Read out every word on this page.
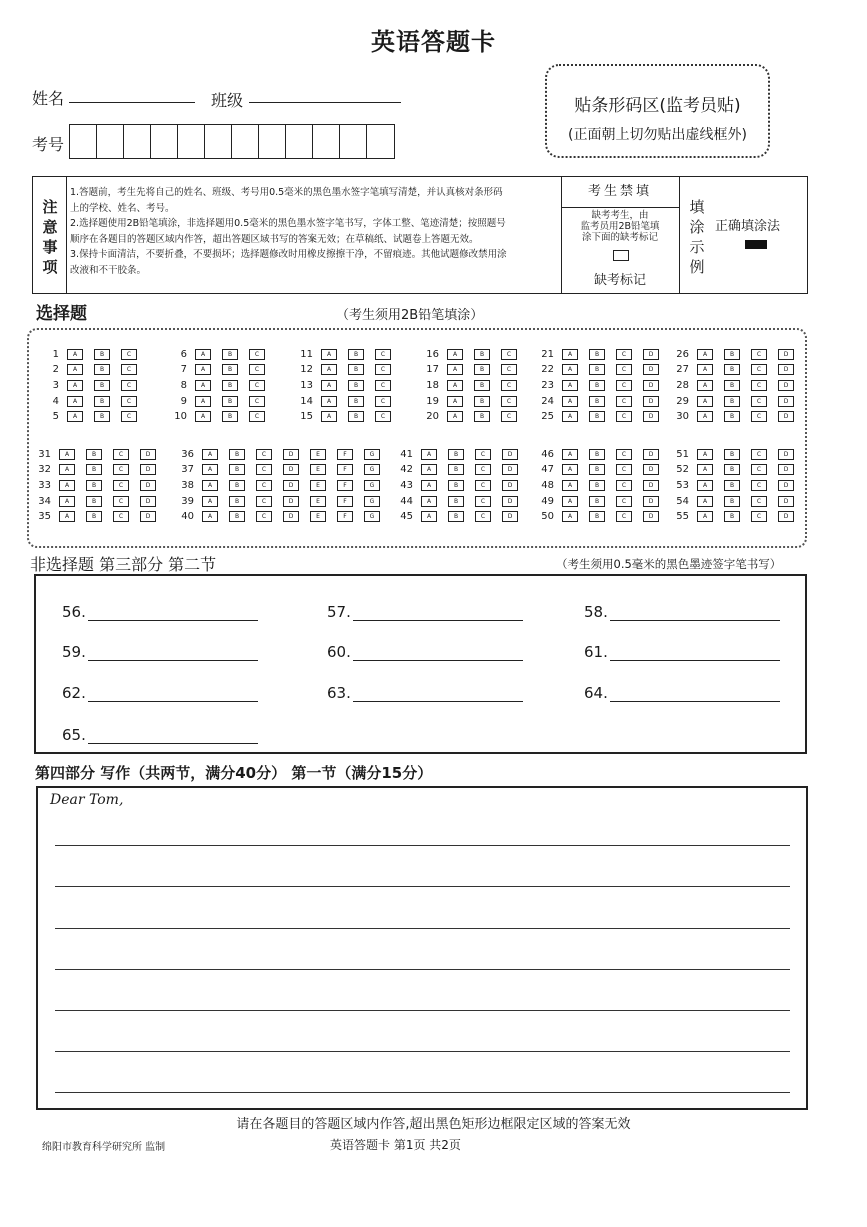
英语答题卡
姓名	班级
考号
贴条形码区(监考员贴)
(正面朝上切勿贴出虚线框外)
注意事项
1.答题前，考生先将自己的姓名、班级、考号用0.5毫米的黑色墨水签字笔填写清楚，并认真核对条形码
上的学校、姓名、考号。
2.选择题使用2B铅笔填涂，非选择题用0.5毫米的黑色墨水签字笔书写，字体工整、笔迹清楚；按照题号
顺序在各题目的答题区域内作答，超出答题区域书写的答案无效；在草稿纸、试题卷上答题无效。
3.保持卡面清洁，不要折叠，不要损坏；选择题修改时用橡皮擦擦干净，不留痕迹。其他试题修改禁用涂
改液和不干胶条。
考生禁填
缺考考生，由
监考员用2B铅笔填
涂下面的缺考标记
缺考标记
填涂示例
正确填涂法
选择题	（考生须用2B铅笔填涂）
1	A	B	C
2	A	B	C
3	A	B	C
4	A	B	C
5	A	B	C
6	A	B	C
7	A	B	C
8	A	B	C
9	A	B	C
10	A	B	C
11	A	B	C
12	A	B	C
13	A	B	C
14	A	B	C
15	A	B	C
16	A	B	C
17	A	B	C
18	A	B	C
19	A	B	C
20	A	B	C
21	A	B	C	D
22	A	B	C	D
23	A	B	C	D
24	A	B	C	D
25	A	B	C	D
26	A	B	C	D
27	A	B	C	D
28	A	B	C	D
29	A	B	C	D
30	A	B	C	D
31	A	B	C	D
32	A	B	C	D
33	A	B	C	D
34	A	B	C	D
35	A	B	C	D
36	A	B	C	D	E	F	G
37	A	B	C	D	E	F	G
38	A	B	C	D	E	F	G
39	A	B	C	D	E	F	G
40	A	B	C	D	E	F	G
41	A	B	C	D
42	A	B	C	D
43	A	B	C	D
44	A	B	C	D
45	A	B	C	D
46	A	B	C	D
47	A	B	C	D
48	A	B	C	D
49	A	B	C	D
50	A	B	C	D
51	A	B	C	D
52	A	B	C	D
53	A	B	C	D
54	A	B	C	D
55	A	B	C	D
非选择题 第三部分 第二节	（考生须用0.5毫米的黑色墨迹签字笔书写）
56.	57.	58.
59.	60.	61.
62.	63.	64.
65.
第四部分 写作（共两节，满分40分） 第一节（满分15分）
Dear Tom,
请在各题目的答题区域内作答,超出黑色矩形边框限定区域的答案无效
绵阳市教育科学研究所 监制	英语答题卡 第1页 共2页
